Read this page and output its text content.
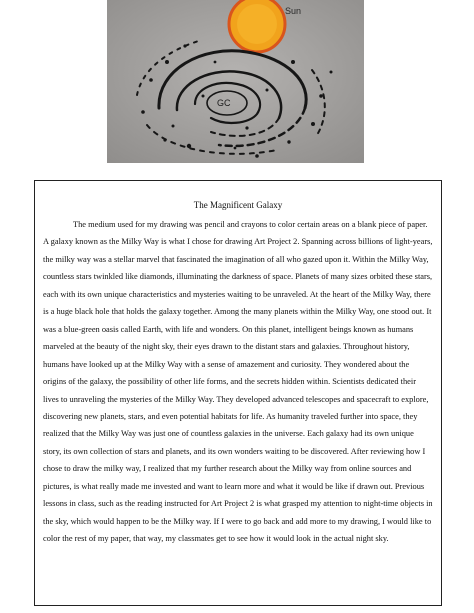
Sun
GC
The Magnificent Galaxy

The medium used for my drawing was pencil and crayons to color certain areas on a blank piece of paper. A galaxy known as the Milky Way is what I chose for drawing Art Project 2. Spanning across billions of light-years, the milky way was a stellar marvel that fascinated the imagination of all who gazed upon it. Within the Milky Way, countless stars twinkled like diamonds, illuminating the darkness of space. Planets of many sizes orbited these stars, each with its own unique characteristics and mysteries waiting to be unraveled. At the heart of the Milky Way, there is a huge black hole that holds the galaxy together. Among the many planets within the Milky Way, one stood out. It was a blue-green oasis called Earth, with life and wonders. On this planet, intelligent beings known as humans marveled at the beauty of the night sky, their eyes drawn to the distant stars and galaxies. Throughout history, humans have looked up at the Milky Way with a sense of amazement and curiosity. They wondered about the origins of the galaxy, the possibility of other life forms, and the secrets hidden within. Scientists dedicated their lives to unraveling the mysteries of the Milky Way. They developed advanced telescopes and spacecraft to explore, discovering new planets, stars, and even potential habitats for life. As humanity traveled further into space, they realized that the Milky Way was just one of countless galaxies in the universe. Each galaxy had its own unique story, its own collection of stars and planets, and its own wonders waiting to be discovered. After reviewing how I chose to draw the milky way, I realized that my further research about the Milky way from online sources and pictures, is what really made me invested and want to learn more and what it would be like if drawn out. Previous lessons in class, such as the reading instructed for Art Project 2 is what grasped my attention to night-time objects in the sky, which would happen to be the Milky way. If I were to go back and add more to my drawing, I would like to color the rest of my paper, that way, my classmates get to see how it would look in the actual night sky.
